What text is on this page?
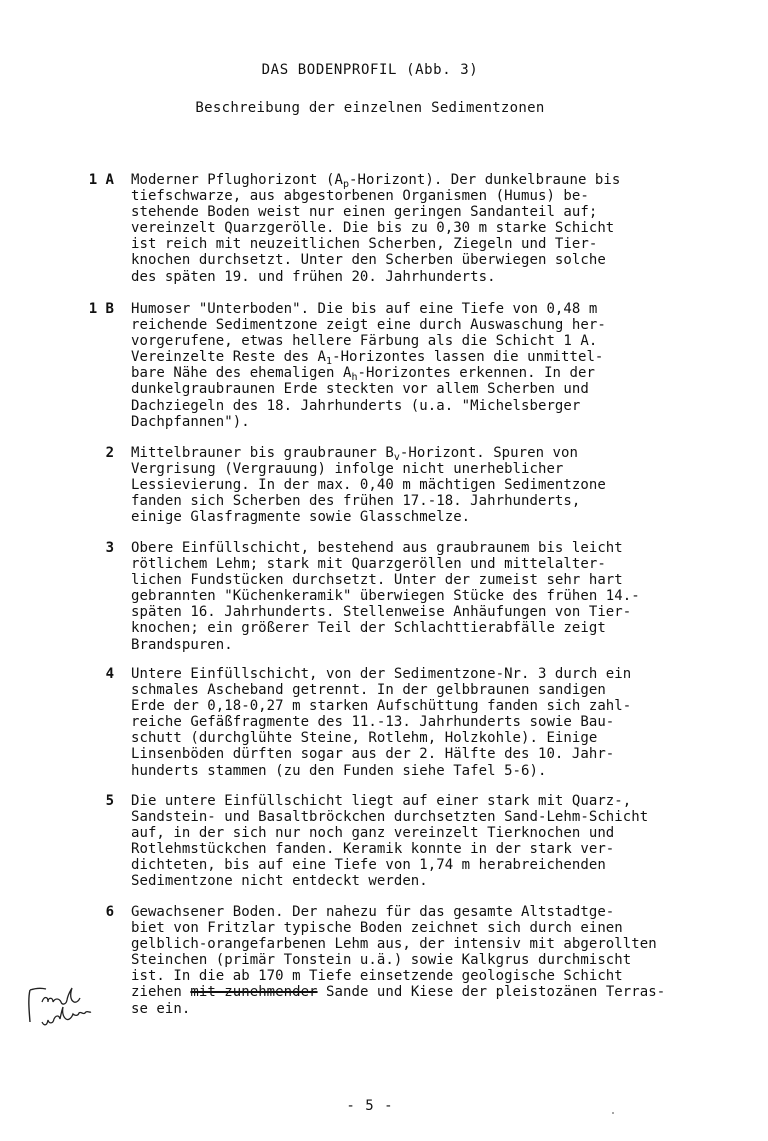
DAS BODENPROFIL (Abb. 3)
Beschreibung der einzelnen Sedimentzonen
1 A Moderner Pflughorizont $(A_p-Horizont)$. Der dunkelbraune bis
tiefschwarze, aus abgestorbenen Organismen (Humus) be-
stehende Boden weist nur einen geringen Sandanteil auf;
vereinzelt Quarzgerölle. Die bis zu 0,30 m starke Schicht
ist reich mit neuzeitlichen Scherben, Ziegeln und Tier-
knochen durchsetzt. Unter den Scherben überwiegen solche
des späten 19. und frühen 20. Jahrhunderts.
1 B Humoser "Unterboden". Die bis auf eine Tiefe von 0,48 m
reichende Sedimentzone zeigt eine durch Auswaschung her-
vorgerufene, etwas hellere Färbung als die Schicht 1 A.
Vereinzelte Reste des $A_1$-Horizontes lassen die unmittel-
bare Nähe des ehemaligen $A_h$-Horizontes erkennen. In der
dunkelgraubraunen Erde steckten vor allem Scherben und
Dachziegeln des 18. Jahrhunderts (u.a. "Michelsberger
Dachpfannen").
2 Mittelbrauner bis graubrauner $B_v$-Horizont. Spuren von
Vergrisung (Vergrauung) infolge nicht unerheblicher
Lessievierung. In der max. 0,40 m mächtigen Sedimentzone
fanden sich Scherben des frühen 17.-18. Jahrhunderts,
einige Glasfragmente sowie Glasschmelze.
3 Obere Einfüllschicht, bestehend aus graubraunem bis leicht
rötlichem Lehm; stark mit Quarzgeröllen und mittelalter-
lichen Fundstücken durchsetzt. Unter der zumeist sehr hart
gebrannten "Küchenkeramik" überwiegen Stücke des frühen 14.-
späten 16. Jahrhunderts. Stellenweise Anhäufungen von Tier-
knochen; ein größerer Teil der Schlachttierabfälle zeigt
Brandspuren.
4 Untere Einfüllschicht, von der Sedimentzone-Nr. 3 durch ein
schmales Ascheband getrennt. In der gelbbraunen sandigen
Erde der 0,18-0,27 m starken Aufschüttung fanden sich zahl-
reiche Gefäßfragmente des 11.-13. Jahrhunderts sowie Bau-
schutt (durchglühte Steine, Rotlehm, Holzkohle). Einige
Linsenböden dürften sogar aus der 2. Hälfte des 10. Jahr-
hunderts stammen (zu den Funden siehe Tafel 5-6).
5 Die untere Einfüllschicht liegt auf einer stark mit Quarz-,
Sandstein- und Basaltbröckchen durchsetzten Sand-Lehm-Schicht
auf, in der sich nur noch ganz vereinzelt Tierknochen und
Rotlehmstückchen fanden. Keramik konnte in der stark ver-
dichteten, bis auf eine Tiefe von 1,74 m herabreichenden
Sedimentzone nicht entdeckt werden.
6 Gewachsener Boden. Der nahezu für das gesamte Altstadtge-
biet von Fritzlar typische Boden zeichnet sich durch einen
gelblich-orangefarbenen Lehm aus, der intensiv mit abgerollten
Steinchen (primär Tonstein u.ä.) sowie Kalkgrus durchmischt
ist. In die ab 170 m Tiefe einsetzende geologische Schicht
ziehen mit zunehmender Sande und Kiese der pleistozänen Terras-
se ein.
- 5 -
